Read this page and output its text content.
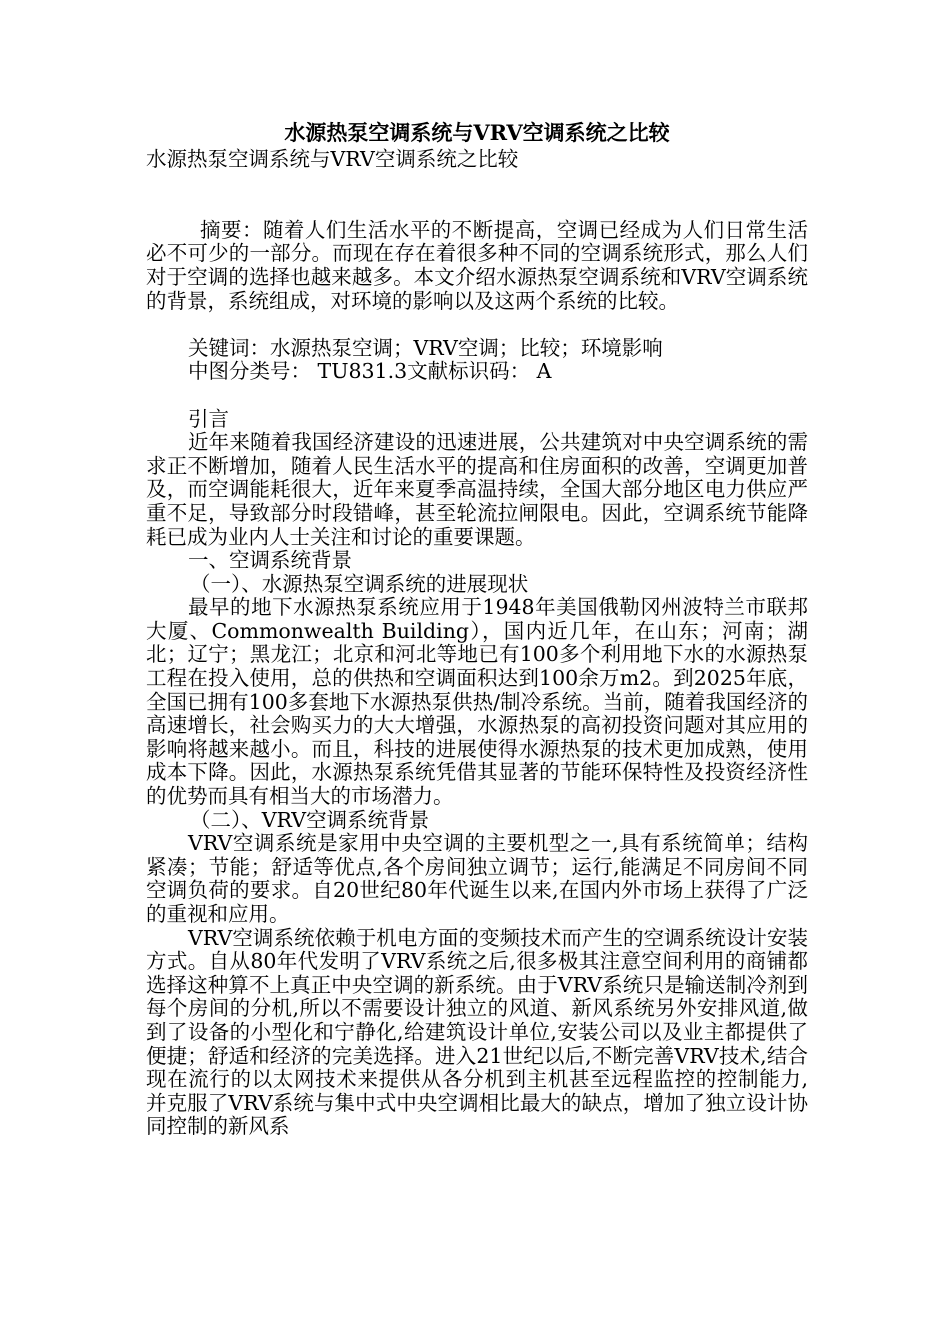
水源热泵空调系统与VRV空调系统之比较

水源热泵空调系统与VRV空调系统之比较

摘要：随着人们生活水平的不断提高，空调已经成为人们日常生活必不可少的一部分。而现在存在着很多种不同的空调系统形式，那么人们对于空调的选择也越来越多。本文介绍水源热泵空调系统和VRV空调系统的背景，系统组成，对环境的影响以及这两个系统的比较。

关键词：水源热泵空调；VRV空调；比较；环境影响

中图分类号： TU831.3文献标识码： A

引言

近年来随着我国经济建设的迅速进展，公共建筑对中央空调系统的需求正不断增加，随着人民生活水平的提高和住房面积的改善，空调更加普及，而空调能耗很大，近年来夏季高温持续，全国大部分地区电力供应严重不足，导致部分时段错峰，甚至轮流拉闸限电。因此，空调系统节能降耗已成为业内人士关注和讨论的重要课题。

一、空调系统背景

（一）、水源热泵空调系统的进展现状

最早的地下水源热泵系统应用于1948年美国俄勒冈州波特兰市联邦大厦、Commonwealth Building），国内近几年，在山东；河南；湖北；辽宁；黑龙江；北京和河北等地已有100多个利用地下水的水源热泵工程在投入使用，总的供热和空调面积达到100余万m2。到2025年底，全国已拥有100多套地下水源热泵供热/制冷系统。当前，随着我国经济的高速增长，社会购买力的大大增强，水源热泵的高初投资问题对其应用的影响将越来越小。而且，科技的进展使得水源热泵的技术更加成熟，使用成本下降。因此，水源热泵系统凭借其显著的节能环保特性及投资经济性的优势而具有相当大的市场潜力。

（二）、VRV空调系统背景

VRV空调系统是家用中央空调的主要机型之一,具有系统简单；结构紧凑；节能；舒适等优点,各个房间独立调节；运行,能满足不同房间不同空调负荷的要求。自20世纪80年代诞生以来,在国内外市场上获得了广泛的重视和应用。

VRV空调系统依赖于机电方面的变频技术而产生的空调系统设计安装方式。自从80年代发明了VRV系统之后,很多极其注意空间利用的商铺都选择这种算不上真正中央空调的新系统。由于VRV系统只是输送制冷剂到每个房间的分机,所以不需要设计独立的风道、新风系统另外安排风道,做到了设备的小型化和宁静化,给建筑设计单位,安装公司以及业主都提供了便捷；舒适和经济的完美选择。进入21世纪以后,不断完善VRV技术,结合现在流行的以太网技术来提供从各分机到主机甚至远程监控的控制能力,并克服了VRV系统与集中式中央空调相比最大的缺点，增加了独立设计协同控制的新风系
